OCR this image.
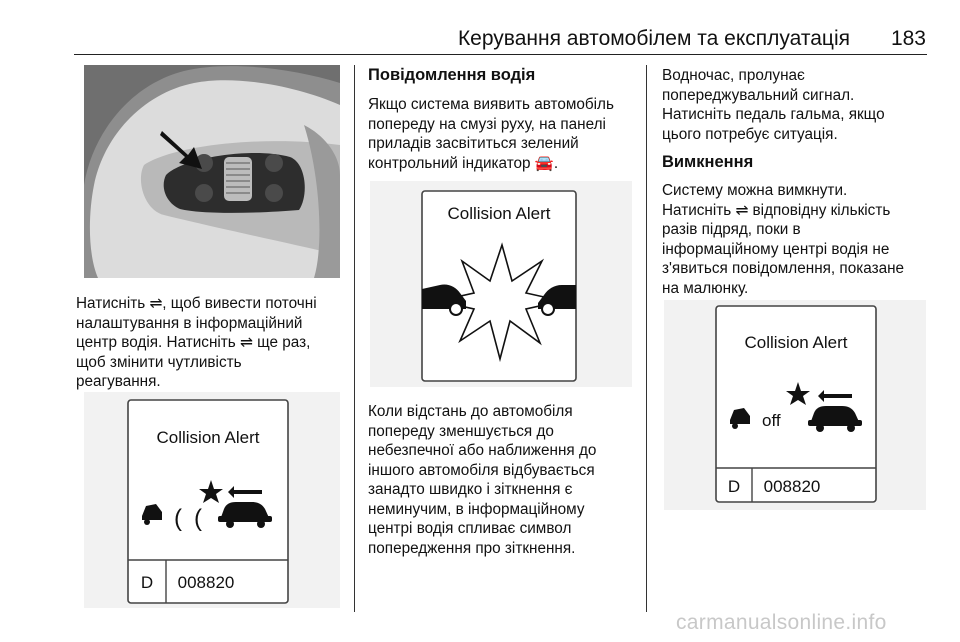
Керування автомобілем та експлуатація	183

Натисніть ⇌, щоб вивести поточні

налаштування в інформаційний

центр водія. Натисніть ⇌ ще раз,

щоб змінити чутливість

реагування.

Collision Alert
( (
D 008820
Повідомлення водія

Якщо система виявить автомобіль

попереду на смузі руху, на панелі

приладів засвітиться зелений

контрольний індикатор 🚘.

Collision Alert

Коли відстань до автомобіля

попереду зменшується до

небезпечної або наближення до

іншого автомобіля відбувається

занадто швидко і зіткнення є

неминучим, в інформаційному

центрі водія спливає символ

попередження про зіткнення.

Водночас, пролунає

попереджувальний сигнал.

Натисніть педаль гальма, якщо

цього потребує ситуація.

Вимкнення

Систему можна вимкнути.

Натисніть ⇌ відповідну кількість

разів підряд, поки в

інформаційному центрі водія не

з'явиться повідомлення, показане

на малюнку.

Collision Alert
off
D 008820
carmanualsonline.info
